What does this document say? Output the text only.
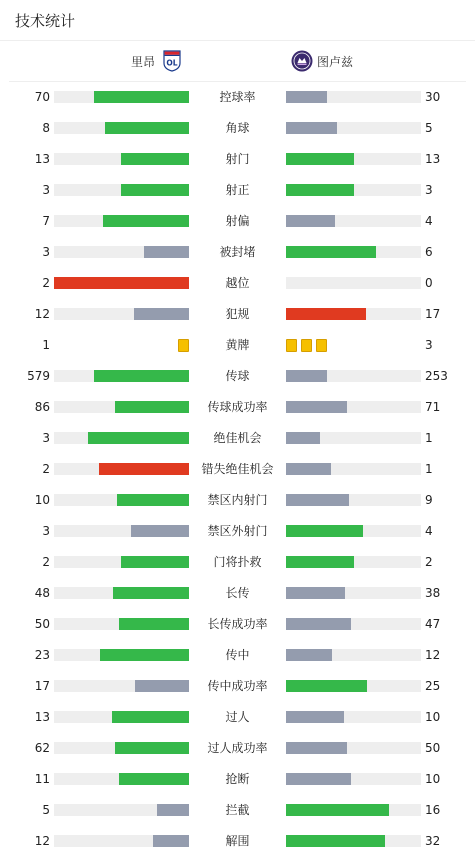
技术统计
里昂 OL	图卢兹
70	控球率	30
8	角球	5
13	射门	13
3	射正	3
7	射偏	4
3	被封堵	6
2	越位	0
12	犯规	17
1	黄牌	3
579	传球	253
86	传球成功率	71
3	绝佳机会	1
2	错失绝佳机会	1
10	禁区内射门	9
3	禁区外射门	4
2	门将扑救	2
48	长传	38
50	长传成功率	47
23	传中	12
17	传中成功率	25
13	过人	10
62	过人成功率	50
11	抢断	10
5	拦截	16
12	解围	32
